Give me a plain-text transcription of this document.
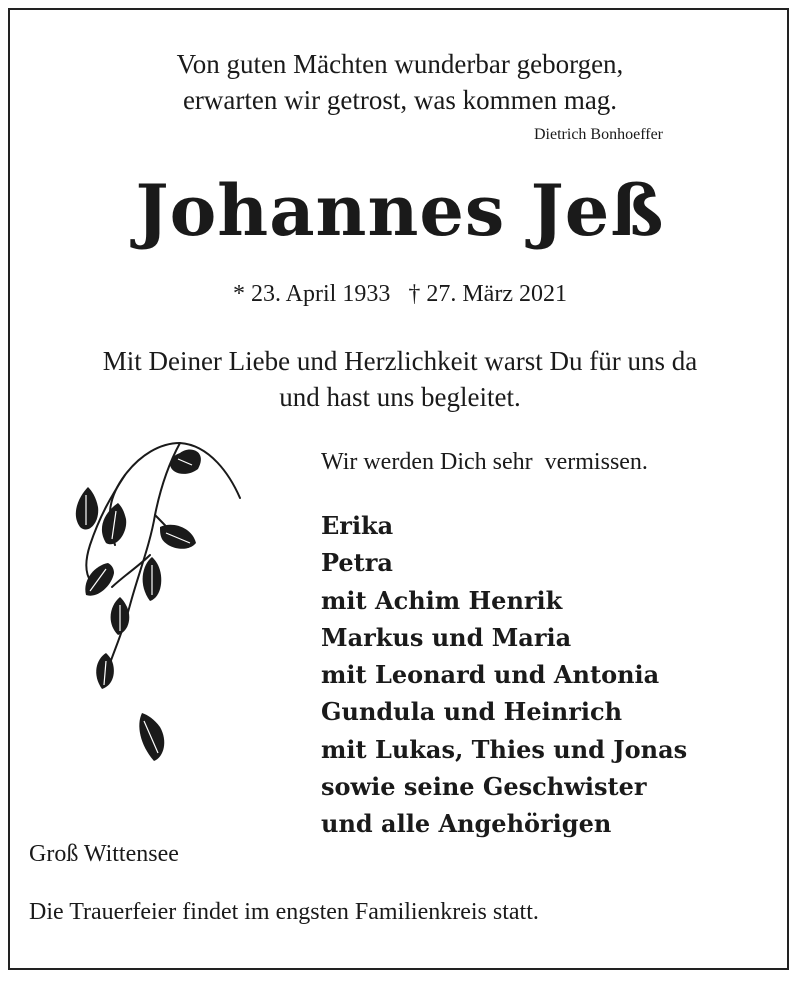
Von guten Mächten wunderbar geborgen,
erwarten wir getrost, was kommen mag.
Dietrich Bonhoeffer
Johannes Jeß
* 23. April 1933 † 27. März 2021
Mit Deiner Liebe und Herzlichkeit warst Du für uns da
und hast uns begleitet.
Wir werden Dich sehr  vermissen.
Erika
Petra
mit Achim Henrik
Markus und Maria
mit Leonard und Antonia
Gundula und Heinrich
mit Lukas, Thies und Jonas
sowie seine Geschwister
und alle Angehörigen
Groß Wittensee
Die Trauerfeier findet im engsten Familienkreis statt.
